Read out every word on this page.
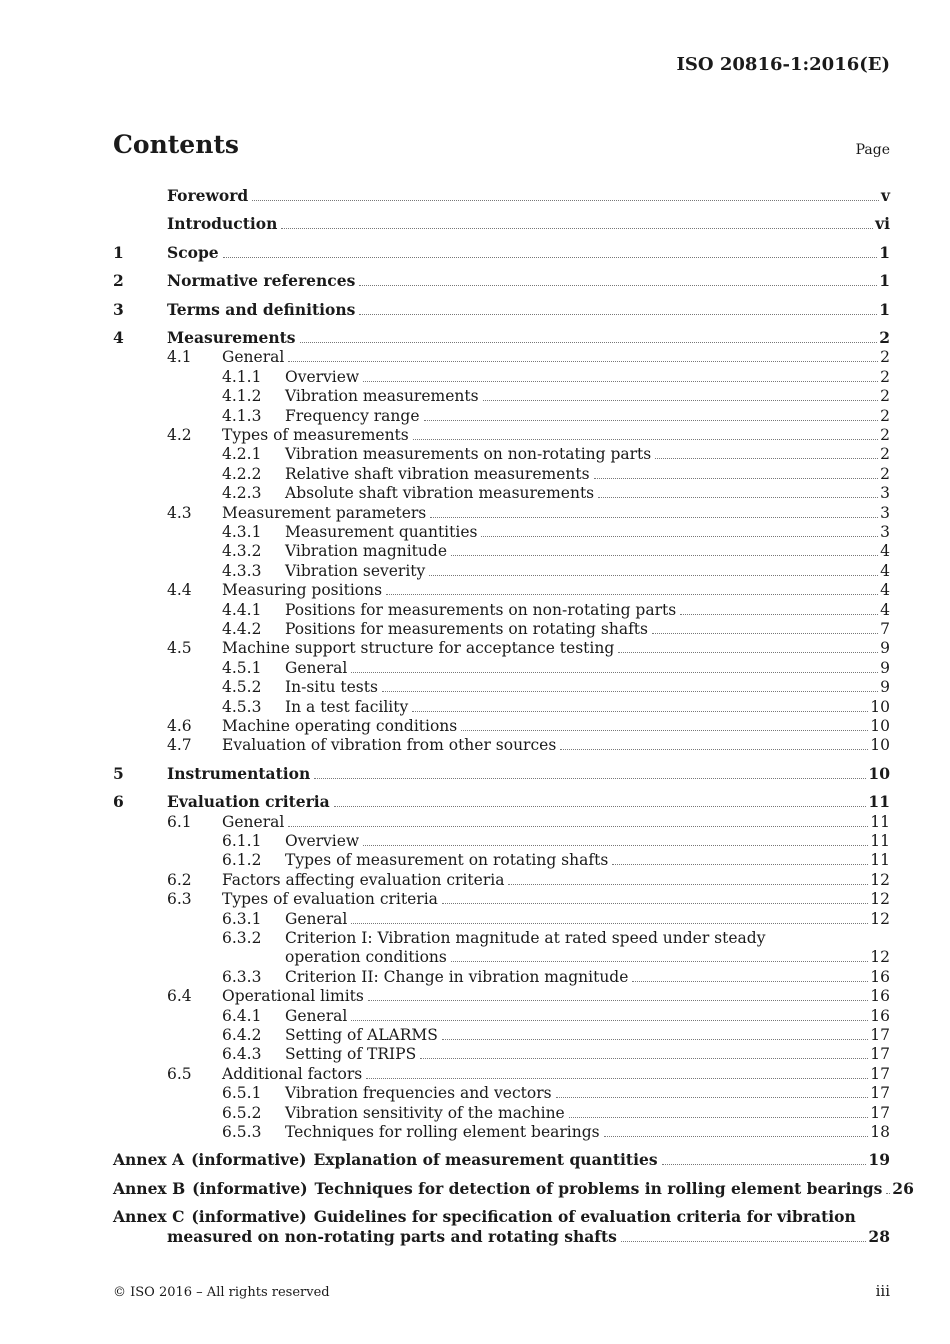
ISO 20816-1:2016(E)
Contents	Page
Foreword	v
Introduction	vi
1	Scope	1
2	Normative references	1
3	Terms and definitions	1
4	Measurements	2
4.1 General	2
4.1.1 Overview	2
4.1.2 Vibration measurements	2
4.1.3 Frequency range	2
4.2 Types of measurements	2
4.2.1 Vibration measurements on non-rotating parts	2
4.2.2 Relative shaft vibration measurements	2
4.2.3 Absolute shaft vibration measurements	3
4.3 Measurement parameters	3
4.3.1 Measurement quantities	3
4.3.2 Vibration magnitude	4
4.3.3 Vibration severity	4
4.4 Measuring positions	4
4.4.1 Positions for measurements on non-rotating parts	4
4.4.2 Positions for measurements on rotating shafts	7
4.5 Machine support structure for acceptance testing	9
4.5.1 General	9
4.5.2 In-situ tests	9
4.5.3 In a test facility	10
4.6 Machine operating conditions	10
4.7 Evaluation of vibration from other sources	10
5	Instrumentation	10
6	Evaluation criteria	11
6.1 General	11
6.1.1 Overview	11
6.1.2 Types of measurement on rotating shafts	11
6.2 Factors affecting evaluation criteria	12
6.3 Types of evaluation criteria	12
6.3.1 General	12
6.3.2 Criterion I: Vibration magnitude at rated speed under steady
operation conditions	12
6.3.3 Criterion II: Change in vibration magnitude	16
6.4 Operational limits	16
6.4.1 General	16
6.4.2 Setting of ALARMS	17
6.4.3 Setting of TRIPS	17
6.5 Additional factors	17
6.5.1 Vibration frequencies and vectors	17
6.5.2 Vibration sensitivity of the machine	17
6.5.3 Techniques for rolling element bearings	18
Annex A (informative) Explanation of measurement quantities	19
Annex B (informative) Techniques for detection of problems in rolling element bearings 26
Annex C (informative) Guidelines for specification of evaluation criteria for vibration
measured on non-rotating parts and rotating shafts	28
© ISO 2016 – All rights reserved	iii
